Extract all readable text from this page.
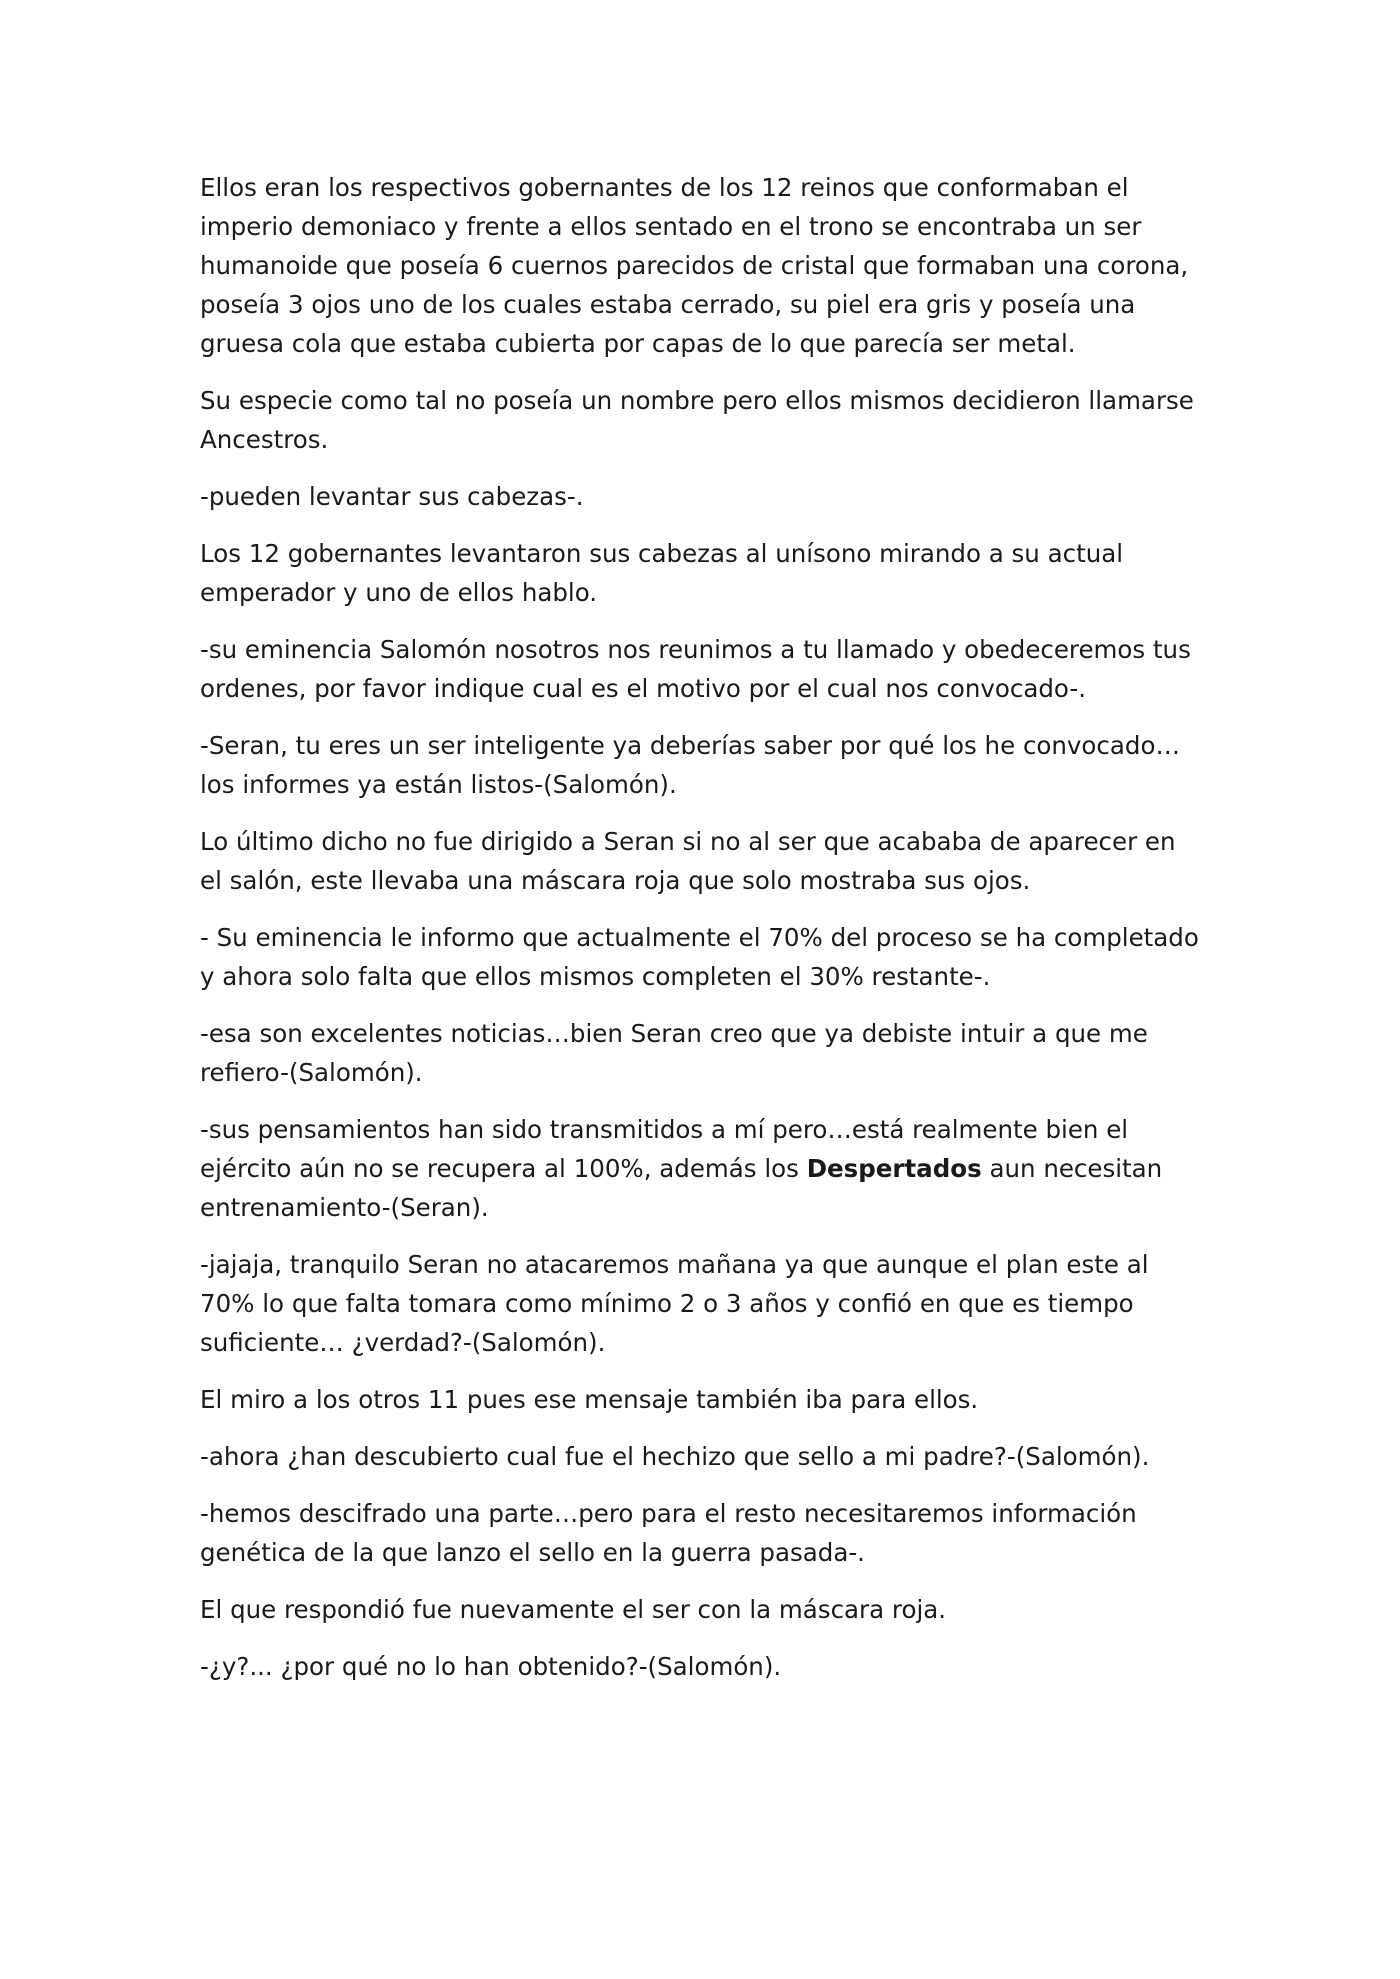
Ellos eran los respectivos gobernantes de los 12 reinos que conformaban el imperio demoniaco y frente a ellos sentado en el trono se encontraba un ser humanoide que poseía 6 cuernos parecidos de cristal que formaban una corona, poseía 3 ojos uno de los cuales estaba cerrado, su piel era gris y poseía una gruesa cola que estaba cubierta por capas de lo que parecía ser metal.

Su especie como tal no poseía un nombre pero ellos mismos decidieron llamarse Ancestros.

-pueden levantar sus cabezas-.

Los 12 gobernantes levantaron sus cabezas al unísono mirando a su actual emperador y uno de ellos hablo.

-su eminencia Salomón nosotros nos reunimos a tu llamado y obedeceremos tus ordenes, por favor indique cual es el motivo por el cual nos convocado-.

-Seran, tu eres un ser inteligente ya deberías saber por qué los he convocado…los informes ya están listos-(Salomón).

Lo último dicho no fue dirigido a Seran si no al ser que acababa de aparecer en el salón, este llevaba una máscara roja que solo mostraba sus ojos.

- Su eminencia le informo que actualmente el 70% del proceso se ha completado y ahora solo falta que ellos mismos completen el 30% restante-.

-esa son excelentes noticias…bien Seran creo que ya debiste intuir a que me refiero-(Salomón).

-sus pensamientos han sido transmitidos a mí pero…está realmente bien el ejército aún no se recupera al 100%, además los Despertados aun necesitan entrenamiento-(Seran).

-jajaja, tranquilo Seran no atacaremos mañana ya que aunque el plan este al 70% lo que falta tomara como mínimo 2 o 3 años y confió en que es tiempo suficiente… ¿verdad?-(Salomón).

El miro a los otros 11 pues ese mensaje también iba para ellos.

-ahora ¿han descubierto cual fue el hechizo que sello a mi padre?-(Salomón).

-hemos descifrado una parte…pero para el resto necesitaremos información genética de la que lanzo el sello en la guerra pasada-.

El que respondió fue nuevamente el ser con la máscara roja.

-¿y?... ¿por qué no lo han obtenido?-(Salomón).
